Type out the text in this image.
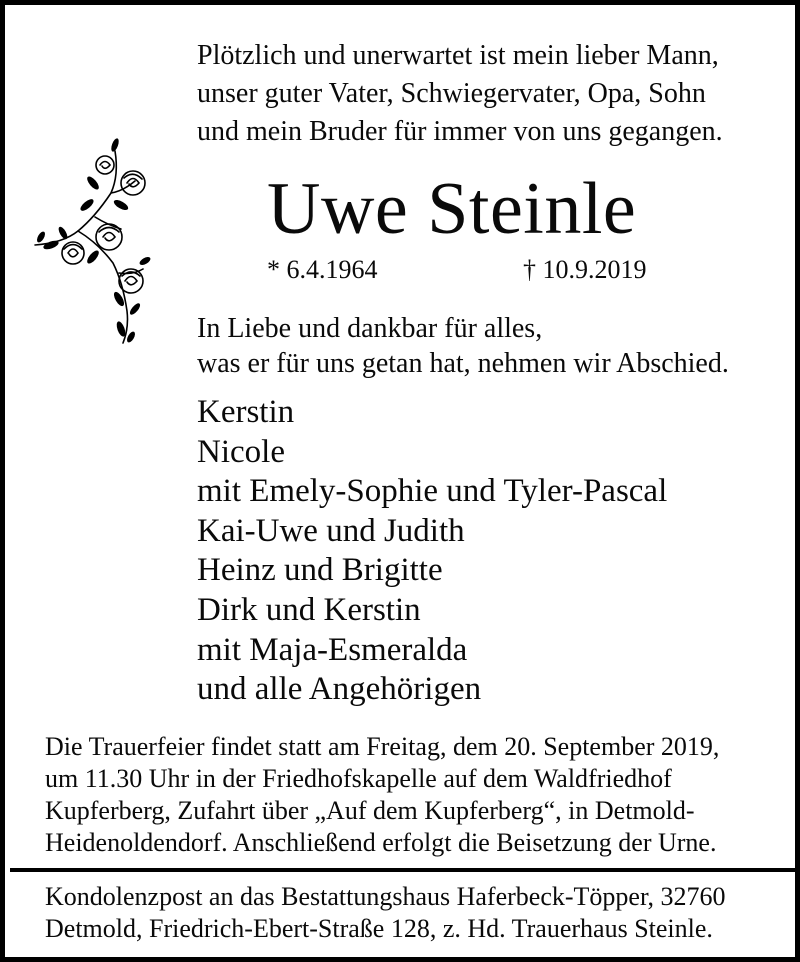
Plötzlich und unerwartet ist mein lieber Mann,
unser guter Vater, Schwiegervater, Opa, Sohn
und mein Bruder für immer von uns gegangen.
Uwe Steinle
* 6.4.1964	† 10.9.2019
In Liebe und dankbar für alles,
was er für uns getan hat, nehmen wir Abschied.
Kerstin
Nicole
mit Emely-Sophie und Tyler-Pascal
Kai-Uwe und Judith
Heinz und Brigitte
Dirk und Kerstin
mit Maja-Esmeralda
und alle Angehörigen
Die Trauerfeier findet statt am Freitag, dem 20. September 2019,
um 11.30 Uhr in der Friedhofskapelle auf dem Waldfriedhof
Kupferberg, Zufahrt über „Auf dem Kupferberg“, in Detmold-
Heidenoldendorf. Anschließend erfolgt die Beisetzung der Urne.
Kondolenzpost an das Bestattungshaus Haferbeck-Töpper, 32760
Detmold, Friedrich-Ebert-Straße 128, z. Hd. Trauerhaus Steinle.
